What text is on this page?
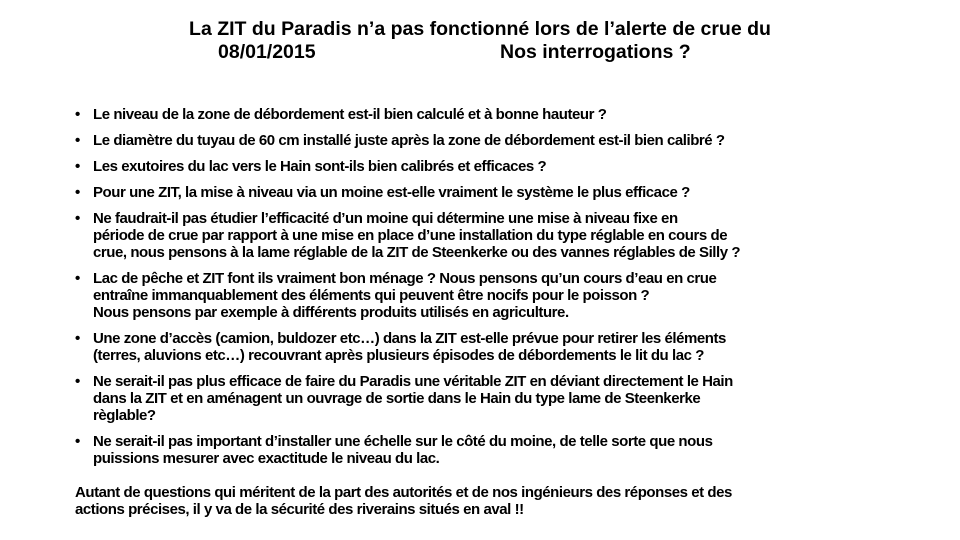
La ZIT du Paradis n’a pas fonctionné lors de l’alerte de crue du
08/01/2015	Nos interrogations ?
• Le niveau de la zone de débordement est-il bien calculé et à bonne hauteur ?
• Le diamètre du tuyau de 60 cm installé juste après la zone de débordement est-il bien calibré ?
• Les exutoires du lac vers le Hain sont-ils bien calibrés et efficaces ?
• Pour une ZIT, la mise à niveau via un moine est-elle vraiment le système le plus efficace ?
• Ne faudrait-il pas étudier l’efficacité d’un moine qui détermine une mise à niveau fixe en
période de crue par rapport à une mise en place d’une installation du type réglable en cours de
crue, nous pensons à la lame réglable de la ZIT de Steenkerke ou des vannes réglables de Silly ?
• Lac de pêche et ZIT font ils vraiment bon ménage ? Nous pensons qu’un cours d’eau en crue
entraîne immanquablement des éléments qui peuvent être nocifs pour le poisson ?
Nous pensons par exemple à différents produits utilisés en agriculture.
• Une zone d’accès (camion, buldozer etc…) dans la ZIT est-elle prévue pour retirer les éléments
(terres, aluvions etc…) recouvrant après plusieurs épisodes de débordements le lit du lac ?
• Ne serait-il pas plus efficace de faire du Paradis une véritable ZIT en déviant directement le Hain
dans la ZIT et en aménagent un ouvrage de sortie dans le Hain du type lame de Steenkerke
règlable?
• Ne serait-il pas important d’installer une échelle sur le côté du moine, de telle sorte que nous
puissions mesurer avec exactitude le niveau du lac.
Autant de questions qui méritent de la part des autorités et de nos ingénieurs des réponses et des
actions précises, il y va de la sécurité des riverains situés en aval !!
